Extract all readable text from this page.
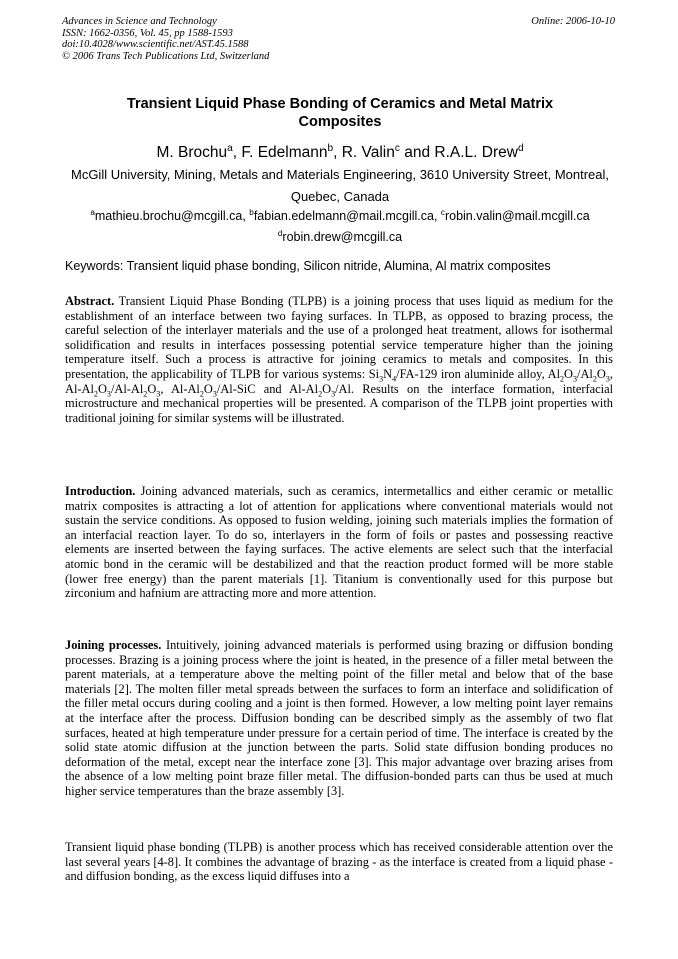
Advances in Science and Technology
ISSN: 1662-0356, Vol. 45, pp 1588-1593
doi:10.4028/www.scientific.net/AST.45.1588
© 2006 Trans Tech Publications Ltd, Switzerland
Online: 2006-10-10
Transient Liquid Phase Bonding of Ceramics and Metal Matrix Composites
M. Brochu$^a$, F. Edelmann$^b$, R. Valin$^c$ and R.A.L. Drew$^d$
McGill University, Mining, Metals and Materials Engineering, 3610 University Street, Montreal, Quebec, Canada
$^a$mathieu.brochu@mcgill.ca, $^b$fabian.edelmann@mail.mcgill.ca, $^c$robin.valin@mail.mcgill.ca
$^d$robin.drew@mcgill.ca
Keywords: Transient liquid phase bonding, Silicon nitride, Alumina, Al matrix composites
Abstract. Transient Liquid Phase Bonding (TLPB) is a joining process that uses liquid as medium for the establishment of an interface between two faying surfaces. In TLPB, as opposed to brazing process, the careful selection of the interlayer materials and the use of a prolonged heat treatment, allows for isothermal solidification and results in interfaces possessing potential service temperature higher than the joining temperature itself. Such a process is attractive for joining ceramics to metals and composites. In this presentation, the applicability of TLPB for various systems: $Si_3N_4/FA-129$ iron aluminide alloy, $Al_2O_3/Al_2O_3$, $Al-Al_2O_3/Al-Al_2O_3$, $Al-Al_2O_3/Al$-SiC and $Al-Al_2O_3/Al$. Results on the interface formation, interfacial microstructure and mechanical properties will be presented. A comparison of the TLPB joint properties with traditional joining for similar systems will be illustrated.
Introduction. Joining advanced materials, such as ceramics, intermetallics and either ceramic or metallic matrix composites is attracting a lot of attention for applications where conventional materials would not sustain the service conditions. As opposed to fusion welding, joining such materials implies the formation of an interfacial reaction layer. To do so, interlayers in the form of foils or pastes and possessing reactive elements are inserted between the faying surfaces. The active elements are select such that the interfacial atomic bond in the ceramic will be destabilized and that the reaction product formed will be more stable (lower free energy) than the parent materials [1]. Titanium is conventionally used for this purpose but zirconium and hafnium are attracting more and more attention.
Joining processes. Intuitively, joining advanced materials is performed using brazing or diffusion bonding processes. Brazing is a joining process where the joint is heated, in the presence of a filler metal between the parent materials, at a temperature above the melting point of the filler metal and below that of the base materials [2]. The molten filler metal spreads between the surfaces to form an interface and solidification of the filler metal occurs during cooling and a joint is then formed. However, a low melting point layer remains at the interface after the process. Diffusion bonding can be described simply as the assembly of two flat surfaces, heated at high temperature under pressure for a certain period of time. The interface is created by the solid state atomic diffusion at the junction between the parts. Solid state diffusion bonding produces no deformation of the metal, except near the interface zone [3]. This major advantage over brazing arises from the absence of a low melting point braze filler metal. The diffusion-bonded parts can thus be used at much higher service temperatures than the braze assembly [3].
Transient liquid phase bonding (TLPB) is another process which has received considerable attention over the last several years [4-8]. It combines the advantage of brazing - as the interface is created from a liquid phase - and diffusion bonding, as the excess liquid diffuses into a
